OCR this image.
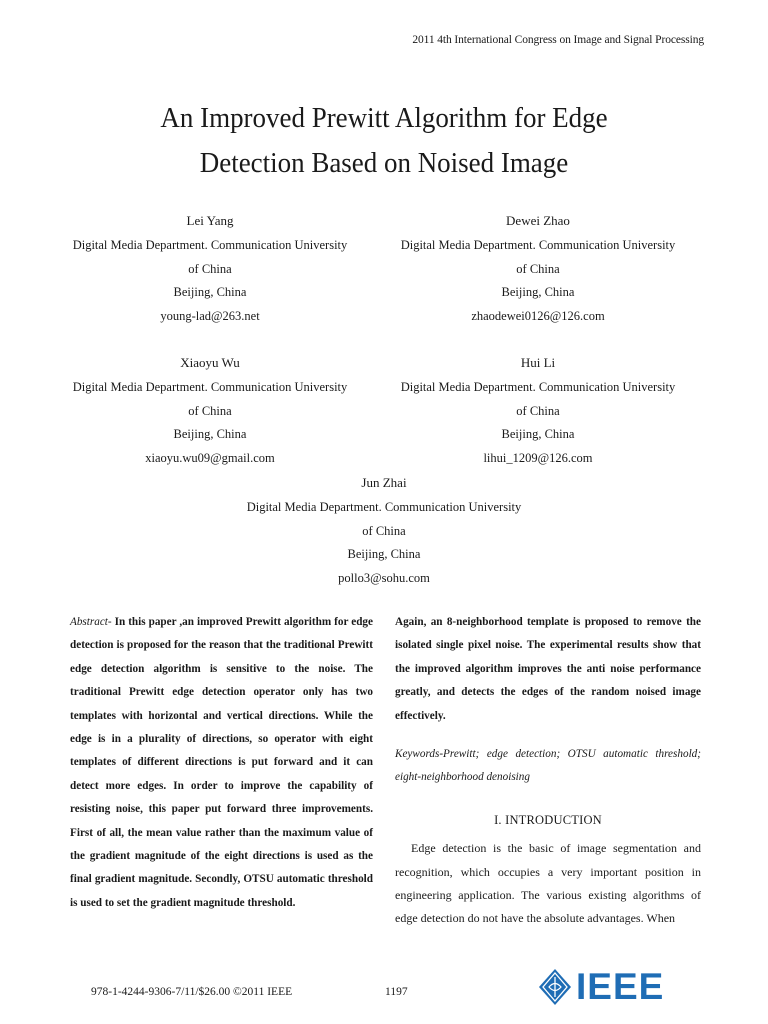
2011 4th International Congress on Image and Signal Processing
An Improved Prewitt Algorithm for Edge
Detection Based on Noised Image
Lei Yang
Digital Media Department. Communication University
of China
Beijing, China
young-lad@263.net
Dewei Zhao
Digital Media Department. Communication University
of China
Beijing, China
zhaodewei0126@126.com
Xiaoyu Wu
Digital Media Department. Communication University
of China
Beijing, China
xiaoyu.wu09@gmail.com
Hui Li
Digital Media Department. Communication University
of China
Beijing, China
lihui_1209@126.com
Jun Zhai
Digital Media Department. Communication University
of China
Beijing, China
pollo3@sohu.com

Abstract- In this paper ,an improved Prewitt algorithm for edge detection is proposed for the reason that the traditional Prewitt edge detection algorithm is sensitive to the noise. The traditional Prewitt edge detection operator only has two templates with horizontal and vertical directions. While the edge is in a plurality of directions, so operator with eight templates of different directions is put forward and it can detect more edges. In order to improve the capability of resisting noise, this paper put forward three improvements. First of all, the mean value rather than the maximum value of the gradient magnitude of the eight directions is used as the final gradient magnitude. Secondly, OTSU automatic threshold is used to set the gradient magnitude threshold.

Again, an 8-neighborhood template is proposed to remove the isolated single pixel noise. The experimental results show that the improved algorithm improves the anti noise performance greatly, and detects the edges of the random noised image effectively.

Keywords-Prewitt; edge detection; OTSU automatic threshold; eight-neighborhood denoising

I. INTRODUCTION

Edge detection is the basic of image segmentation and recognition, which occupies a very important position in engineering application. The various existing algorithms of edge detection do not have the absolute advantages. When

978-1-4244-9306-7/11/$26.00 ©2011 IEEE	1197	IEEE
